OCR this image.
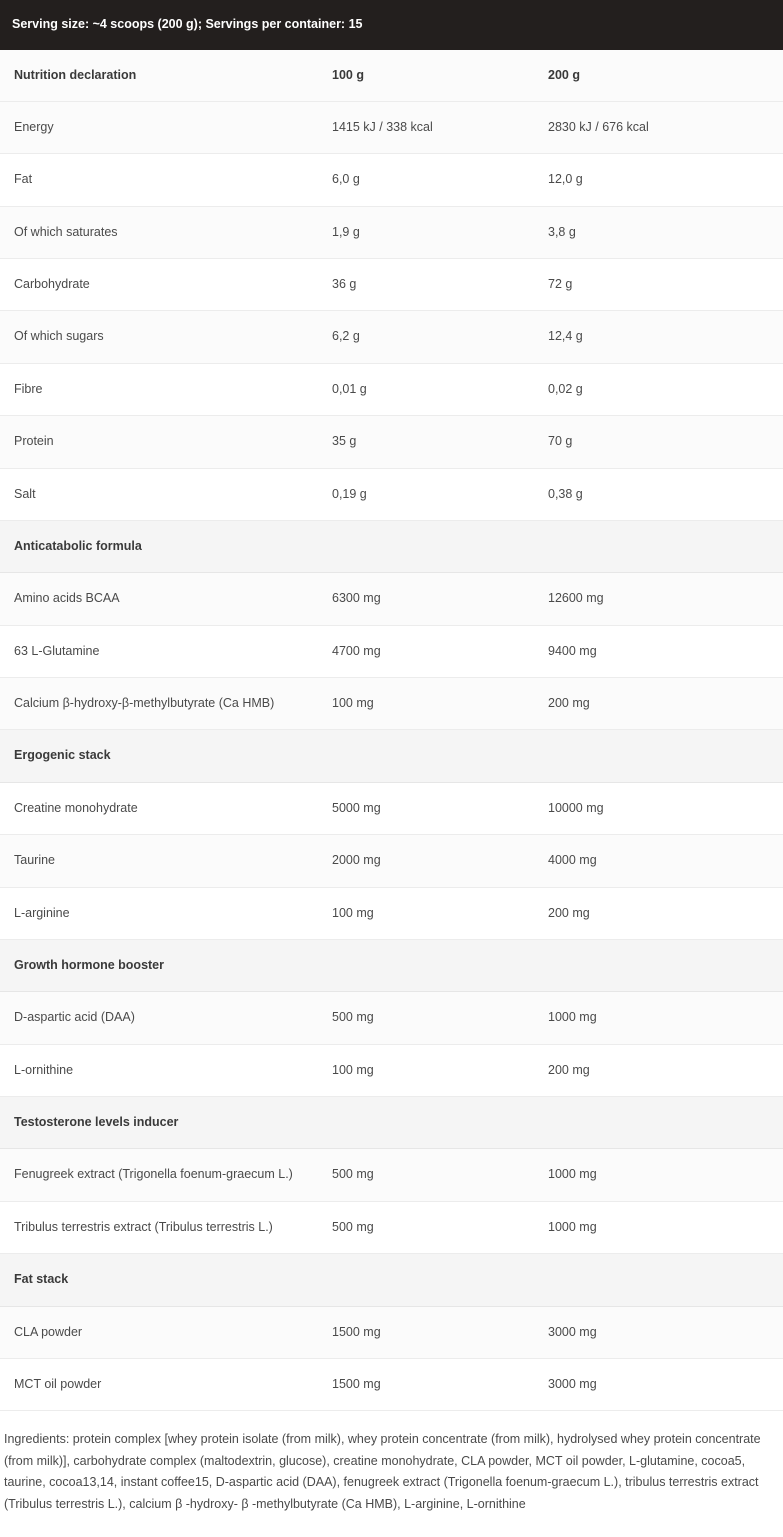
Serving size: ~4 scoops (200 g); Servings per container: 15
Nutrition declaration	100 g	200 g
Energy	1415 kJ / 338 kcal	2830 kJ / 676 kcal
Fat	6,0 g	12,0 g
Of which saturates	1,9 g	3,8 g
Carbohydrate	36 g	72 g
Of which sugars	6,2 g	12,4 g
Fibre	0,01 g	0,02 g
Protein	35 g	70 g
Salt	0,19 g	0,38 g
Anticatabolic formula		
Amino acids BCAA	6300 mg	12600 mg
63 L-Glutamine	4700 mg	9400 mg
Calcium β-hydroxy-β-methylbutyrate (Ca HMB)	100 mg	200 mg
Ergogenic stack		
Creatine monohydrate	5000 mg	10000 mg
Taurine	2000 mg	4000 mg
L-arginine	100 mg	200 mg
Growth hormone booster		
D-aspartic acid (DAA)	500 mg	1000 mg
L-ornithine	100 mg	200 mg
Testosterone levels inducer		
Fenugreek extract (Trigonella foenum-graecum L.)	500 mg	1000 mg
Tribulus terrestris extract (Tribulus terrestris L.)	500 mg	1000 mg
Fat stack		
CLA powder	1500 mg	3000 mg
MCT oil powder	1500 mg	3000 mg
Ingredients: protein complex [whey protein isolate (from milk), whey protein concentrate (from milk), hydrolysed whey protein concentrate (from milk)], carbohydrate complex (maltodextrin, glucose), creatine monohydrate, CLA powder, MCT oil powder, L-glutamine, cocoa5, taurine, cocoa13,14, instant coffee15, D-aspartic acid (DAA), fenugreek extract (Trigonella foenum-graecum L.), tribulus terrestris extract (Tribulus terrestris L.), calcium β -hydroxy- β -methylbutyrate (Ca HMB), L-arginine, L-ornithine
